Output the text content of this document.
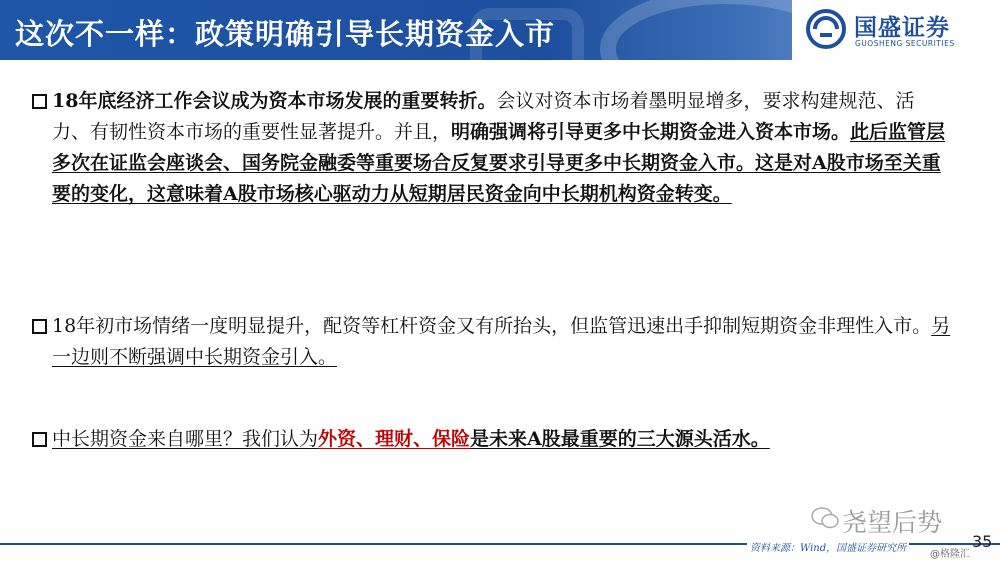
这次不一样：政策明确引导长期资金入市	国盛证券
GUOSHENG SECURITIES
18年底经济工作会议成为资本市场发展的重要转折。会议对资本市场着墨明显增多，要求构建规范、活力、有韧性资本市场的重要性显著提升。并且，明确强调将引导更多中长期资金进入资本市场。此后监管层多次在证监会座谈会、国务院金融委等重要场合反复要求引导更多中长期资金入市。这是对A股市场至关重要的变化，这意味着A股市场核心驱动力从短期居民资金向中长期机构资金转变。
18年初市场情绪一度明显提升，配资等杠杆资金又有所抬头，但监管迅速出手抑制短期资金非理性入市。另一边则不断强调中长期资金引入。
中长期资金来自哪里？我们认为外资、理财、保险是未来A股最重要的三大源头活水。
尧望后势
资料来源：Wind，国盛证券研究所	35
@格隆汇
